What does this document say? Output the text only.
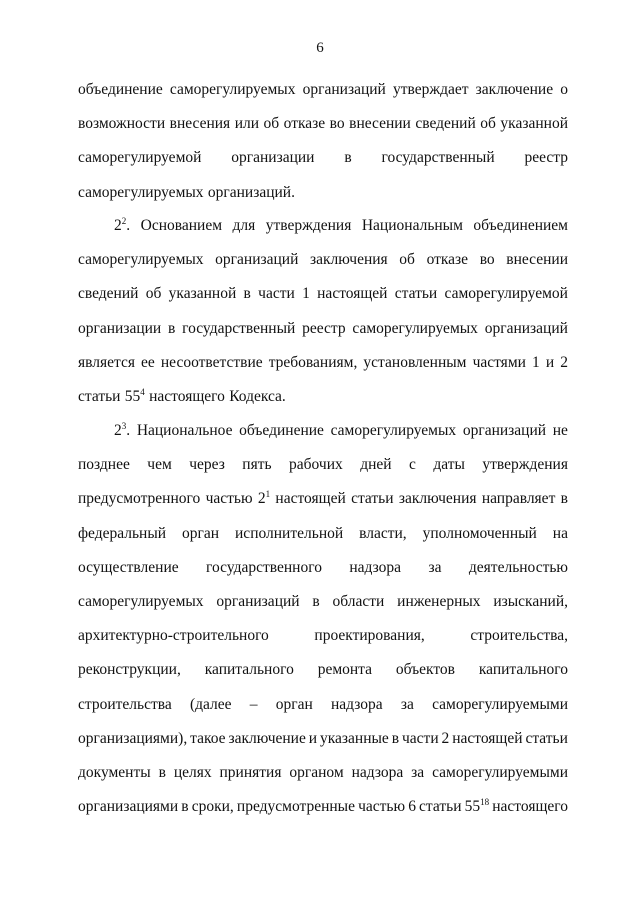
6
объединение саморегулируемых организаций утверждает заключение о
возможности внесения или об отказе во внесении сведений об указанной
саморегулируемой организации в государственный реестр
саморегулируемых организаций.
$2^2$. Основанием для утверждения Национальным объединением
саморегулируемых организаций заключения об отказе во внесении
сведений об указанной в части 1 настоящей статьи саморегулируемой
организации в государственный реестр саморегулируемых организаций
является ее несоответствие требованиям, установленным частями 1 и 2
статьи $55^4$ настоящего Кодекса.
$2^3$. Национальное объединение саморегулируемых организаций не
позднее чем через пять рабочих дней с даты утверждения
предусмотренного частью $2^1$ настоящей статьи заключения направляет в
федеральный орган исполнительной власти, уполномоченный на
осуществление государственного надзора за деятельностью
саморегулируемых организаций в области инженерных изысканий,
архитектурно-строительного	проектирования,	строительства,
реконструкции, капитального ремонта объектов капитального
строительства (далее – орган надзора за саморегулируемыми
организациями), такое заключение и указанные в части 2 настоящей статьи
документы в целях принятия органом надзора за саморегулируемыми
организациями в сроки, предусмотренные частью 6 статьи $55^{18}$ настоящего
